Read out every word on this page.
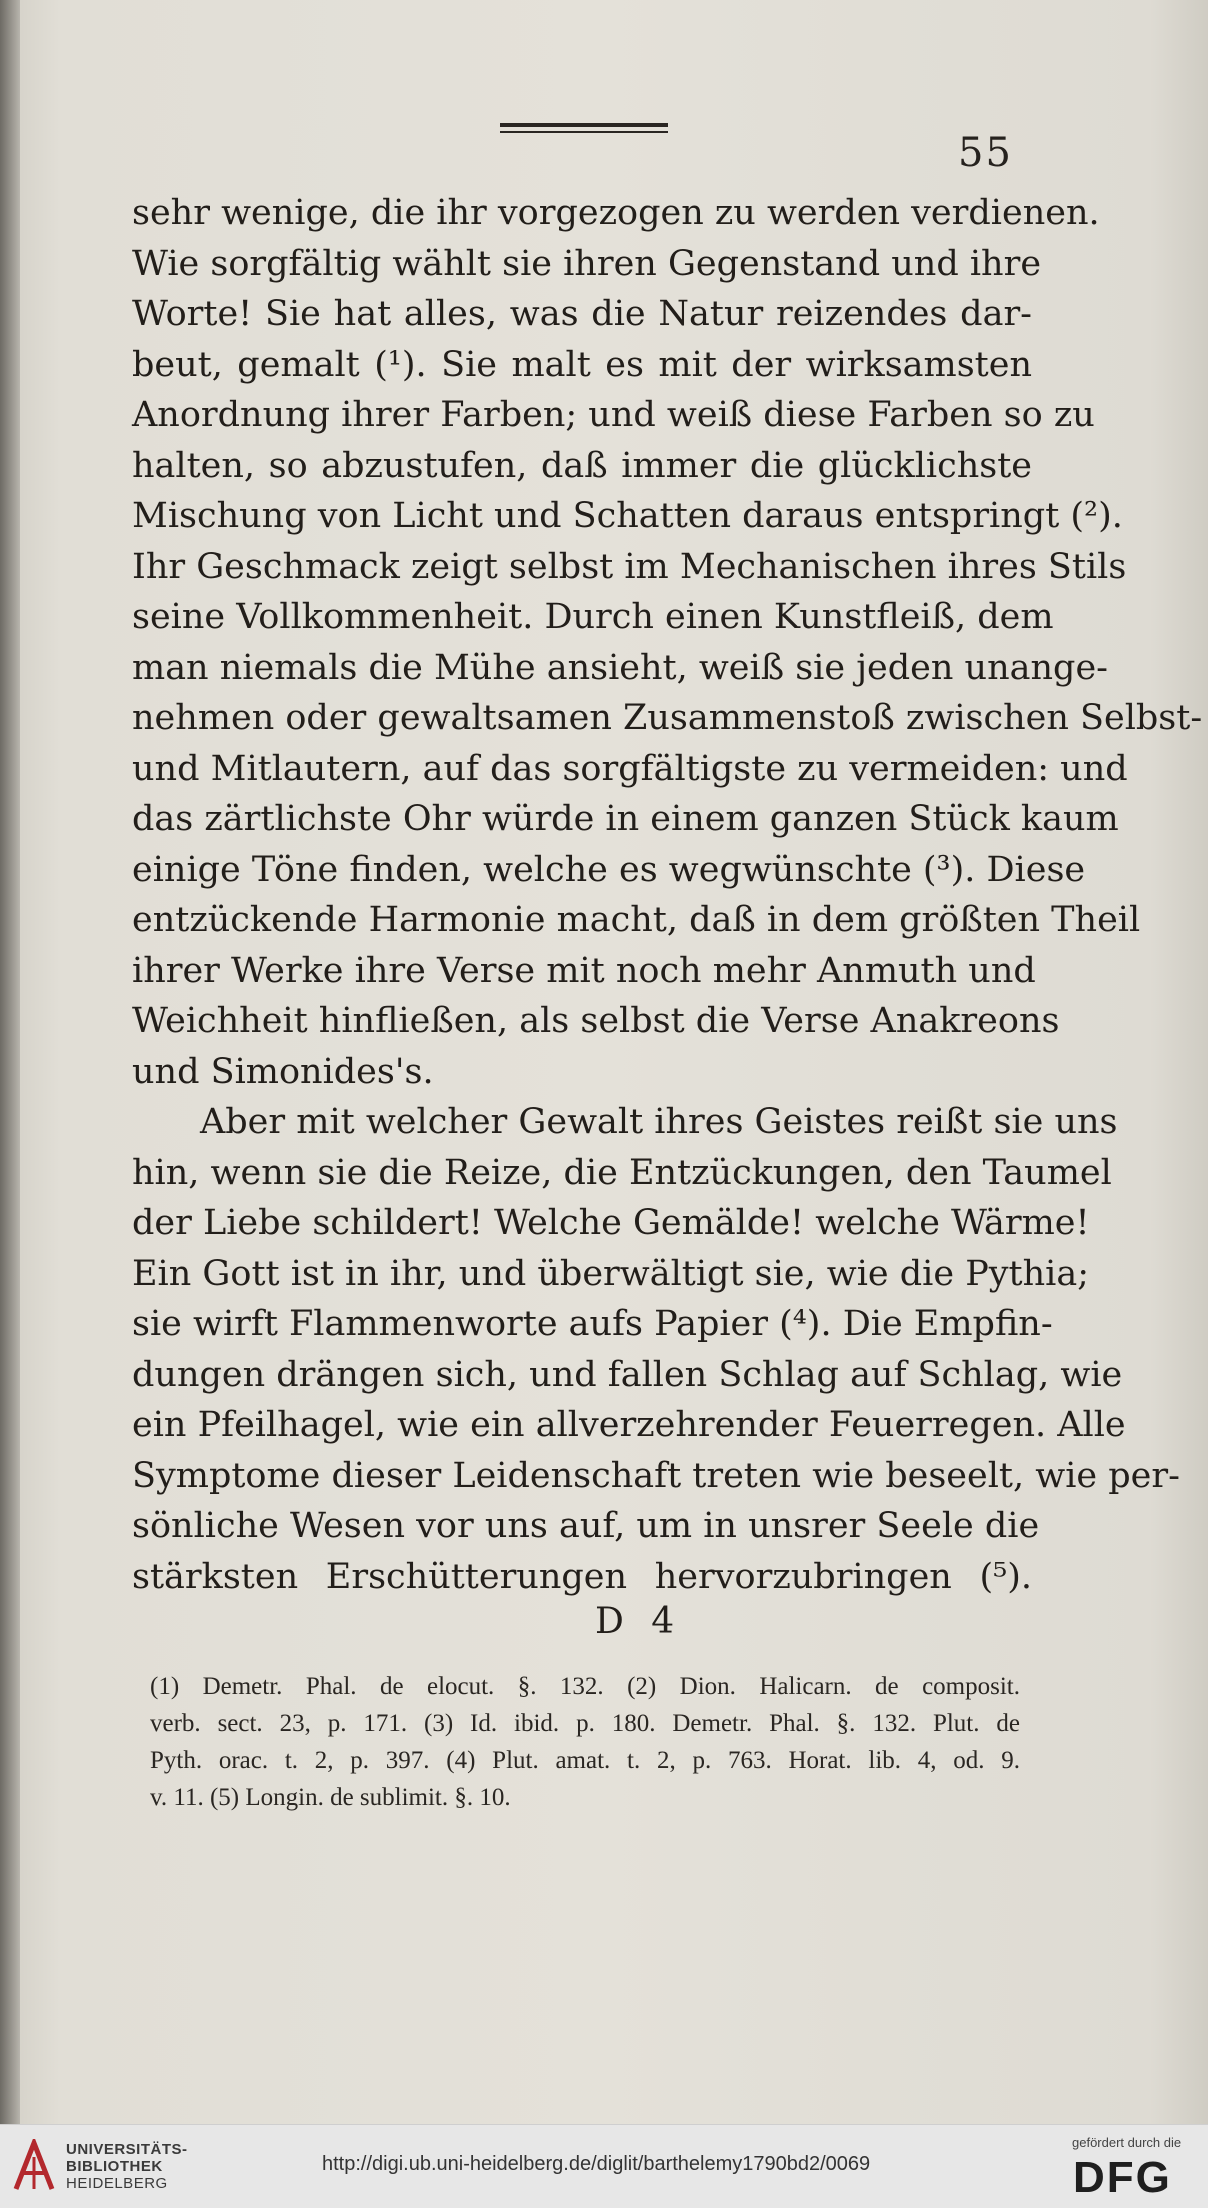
55
sehr wenige, die ihr vorgezogen zu werden verdienen.
Wie sorgfältig wählt sie ihren Gegenstand und ihre
Worte! Sie hat alles, was die Natur reizendes dar-
beut, gemalt (¹). Sie malt es mit der wirksamsten
Anordnung ihrer Farben; und weiß diese Farben so zu
halten, so abzustufen, daß immer die glücklichste
Mischung von Licht und Schatten daraus entspringt (²).
Ihr Geschmack zeigt selbst im Mechanischen ihres Stils
seine Vollkommenheit. Durch einen Kunstfleiß, dem
man niemals die Mühe ansieht, weiß sie jeden unange-
nehmen oder gewaltsamen Zusammenstoß zwischen Selbst-
und Mitlautern, auf das sorgfältigste zu vermeiden: und
das zärtlichste Ohr würde in einem ganzen Stück kaum
einige Töne finden, welche es wegwünschte (³). Diese
entzückende Harmonie macht, daß in dem größten Theil
ihrer Werke ihre Verse mit noch mehr Anmuth und
Weichheit hinfließen, als selbst die Verse Anakreons
und Simonides's.
Aber mit welcher Gewalt ihres Geistes reißt sie uns
hin, wenn sie die Reize, die Entzückungen, den Taumel
der Liebe schildert! Welche Gemälde! welche Wärme!
Ein Gott ist in ihr, und überwältigt sie, wie die Pythia;
sie wirft Flammenworte aufs Papier (⁴). Die Empfin-
dungen drängen sich, und fallen Schlag auf Schlag, wie
ein Pfeilhagel, wie ein allverzehrender Feuerregen. Alle
Symptome dieser Leidenschaft treten wie beseelt, wie per-
sönliche Wesen vor uns auf, um in unsrer Seele die
stärksten Erschütterungen hervorzubringen (⁵).
D 4
(1) Demetr. Phal. de elocut. §. 132. (2) Dion. Halicarn. de composit.
verb. sect. 23, p. 171. (3) Id. ibid. p. 180. Demetr. Phal. §. 132. Plut. de
Pyth. orac. t. 2, p. 397. (4) Plut. amat. t. 2, p. 763. Horat. lib. 4, od. 9.
v. 11. (5) Longin. de sublimit. §. 10.
UNIVERSITÄTS-
BIBLIOTHEK
HEIDELBERG
http://digi.ub.uni-heidelberg.de/diglit/barthelemy1790bd2/0069
gefördert durch die
DFG
